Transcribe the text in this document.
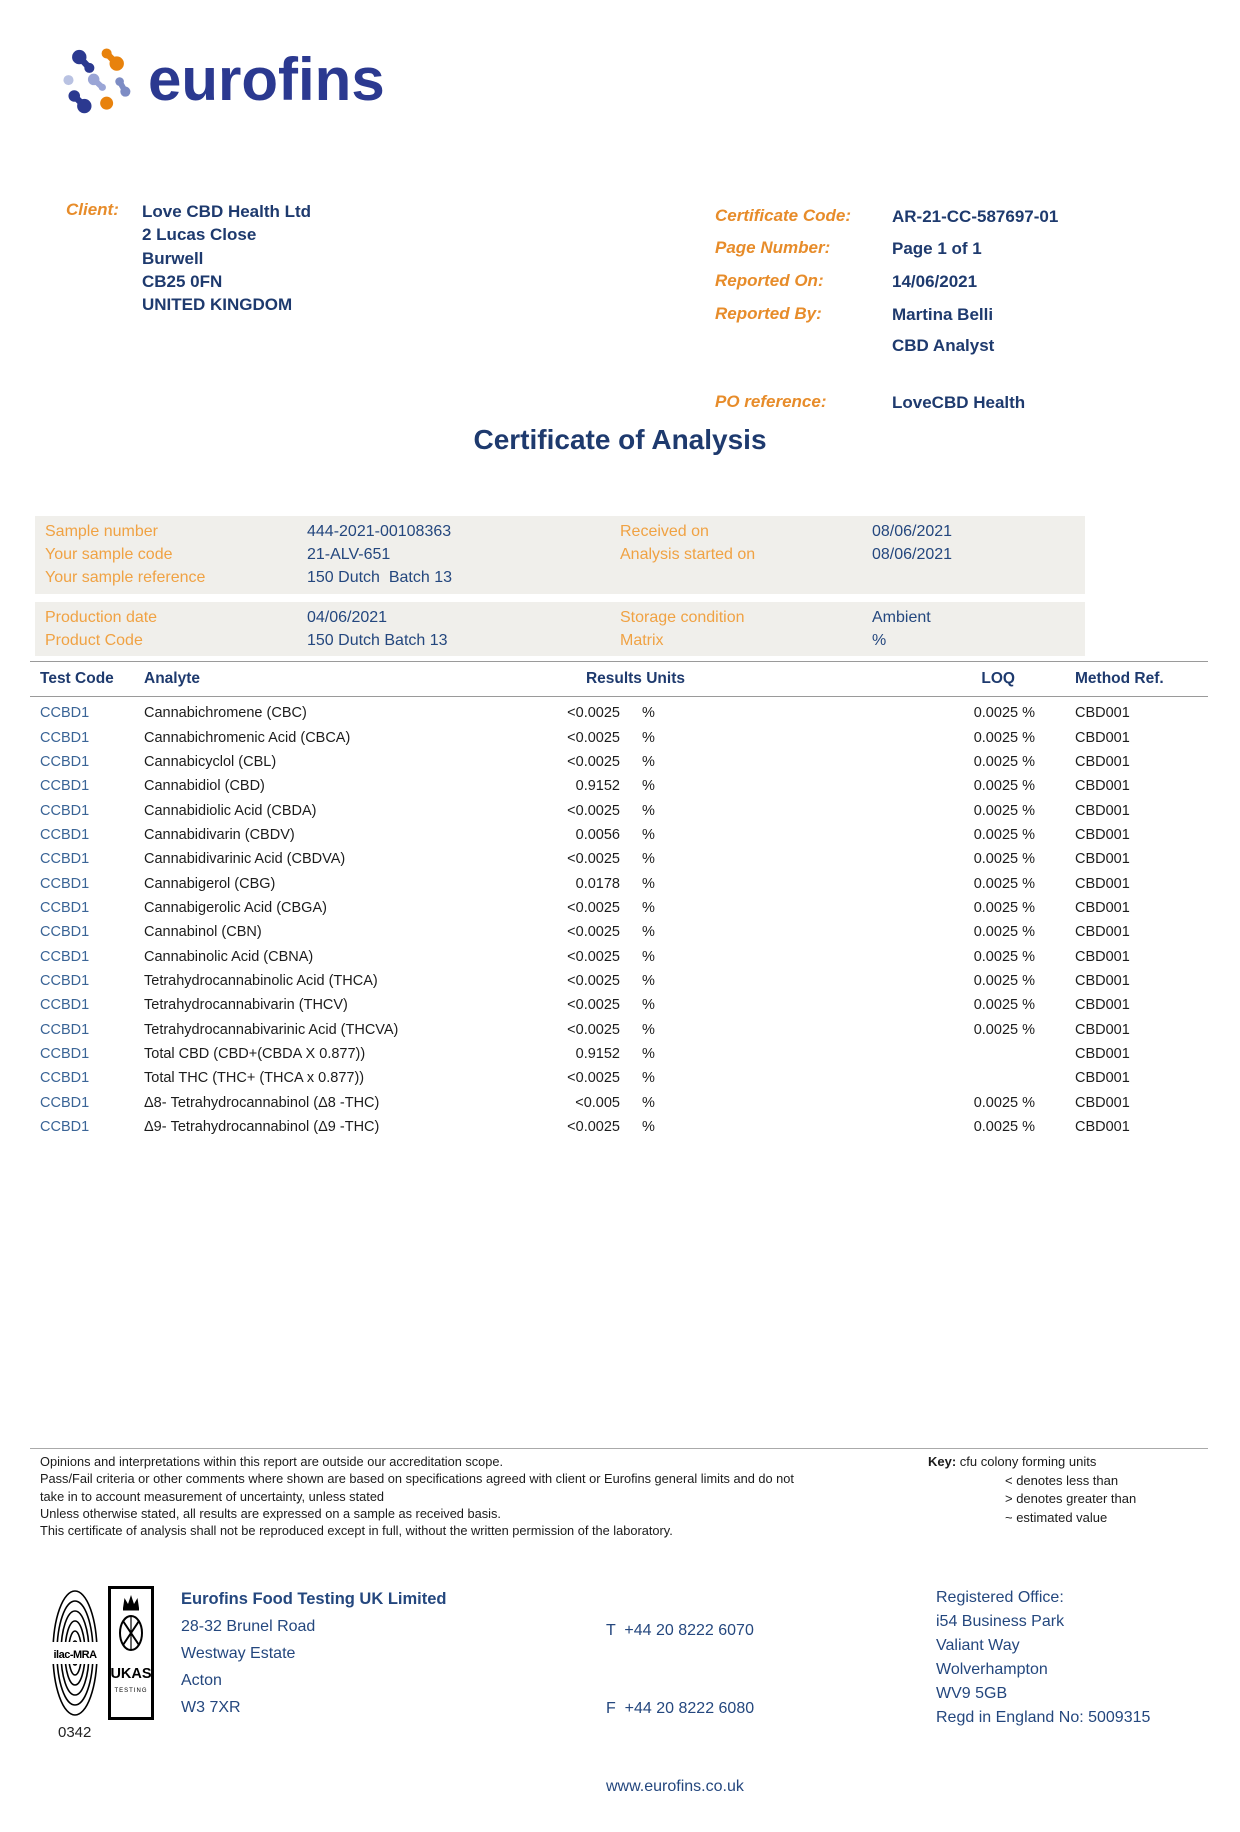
eurofins
Client: Love CBD Health Ltd
2 Lucas Close
Burwell
CB25 0FN
UNITED KINGDOM
Certificate Code:	AR-21-CC-587697-01
Page Number:	Page 1 of 1
Reported On:	14/06/2021
Reported By:	Martina Belli
CBD Analyst
PO reference:	LoveCBD Health
Certificate of Analysis
Sample number	444-2021-00108363
Your sample code	21-ALV-651
Your sample reference	150 Dutch  Batch 13
Received on	08/06/2021
Analysis started on	08/06/2021
Production date	04/06/2021
Product Code	150 Dutch Batch 13
Storage condition	Ambient
Matrix	%
Test Code	Analyte	Results Units	LOQ	Method Ref.
CCBD1	Cannabichromene (CBC)	<0.0025	%	0.0025 %	CBD001
CCBD1	Cannabichromenic Acid (CBCA)	<0.0025	%	0.0025 %	CBD001
CCBD1	Cannabicyclol (CBL)	<0.0025	%	0.0025 %	CBD001
CCBD1	Cannabidiol (CBD)	0.9152	%	0.0025 %	CBD001
CCBD1	Cannabidiolic Acid (CBDA)	<0.0025	%	0.0025 %	CBD001
CCBD1	Cannabidivarin (CBDV)	0.0056	%	0.0025 %	CBD001
CCBD1	Cannabidivarinic Acid (CBDVA)	<0.0025	%	0.0025 %	CBD001
CCBD1	Cannabigerol (CBG)	0.0178	%	0.0025 %	CBD001
CCBD1	Cannabigerolic Acid (CBGA)	<0.0025	%	0.0025 %	CBD001
CCBD1	Cannabinol (CBN)	<0.0025	%	0.0025 %	CBD001
CCBD1	Cannabinolic Acid (CBNA)	<0.0025	%	0.0025 %	CBD001
CCBD1	Tetrahydrocannabinolic Acid (THCA)	<0.0025	%	0.0025 %	CBD001
CCBD1	Tetrahydrocannabivarin (THCV)	<0.0025	%	0.0025 %	CBD001
CCBD1	Tetrahydrocannabivarinic Acid (THCVA)	<0.0025	%	0.0025 %	CBD001
CCBD1	Total CBD (CBD+(CBDA X 0.877))	0.9152	%	CBD001
CCBD1	Total THC (THC+ (THCA x 0.877))	<0.0025	%	CBD001
CCBD1	Δ8- Tetrahydrocannabinol (Δ8 -THC)	<0.005	%	0.0025 %	CBD001
CCBD1	Δ9- Tetrahydrocannabinol (Δ9 -THC)	<0.0025	%	0.0025 %	CBD001
Opinions and interpretations within this report are outside our accreditation scope.
Pass/Fail criteria or other comments where shown are based on specifications agreed with client or Eurofins general limits and do not
take in to account measurement of uncertainty, unless stated
Unless otherwise stated, all results are expressed on a sample as received basis.
This certificate of analysis shall not be reproduced except in full, without the written permission of the laboratory.
Key: cfu colony forming units
< denotes less than
> denotes greater than
~ estimated value
ilac-MRA

UKAS
TESTING
0342
Eurofins Food Testing UK Limited
28-32 Brunel Road
Westway Estate
Acton
W3 7XR

T  +44 20 8222 6070

F  +44 20 8222 6080

www.eurofins.co.uk

Registered Office:
i54 Business Park
Valiant Way
Wolverhampton
WV9 5GB
Regd in England No: 5009315
